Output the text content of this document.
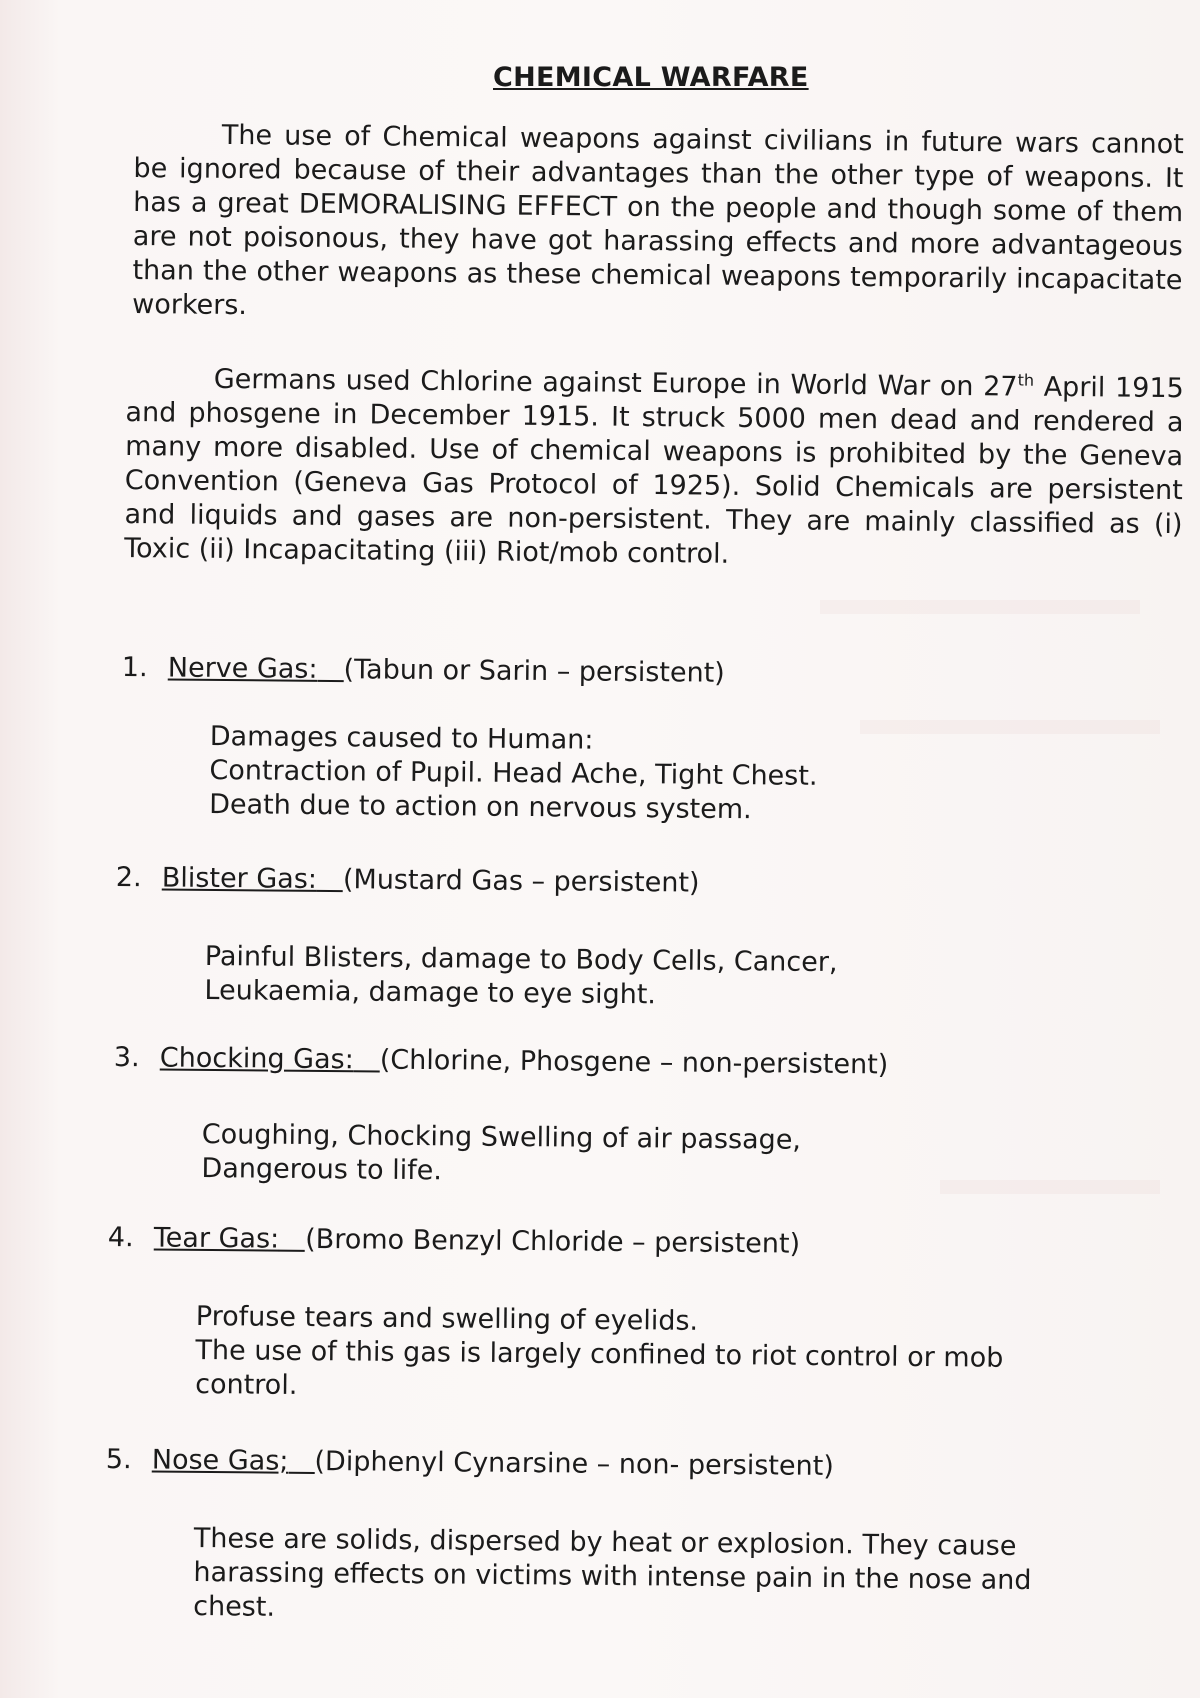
CHEMICAL WARFARE

The use of Chemical weapons against civilians in future wars cannot be ignored because of their advantages than the other type of weapons. It has a great DEMORALISING EFFECT on the people and though some of them are not poisonous, they have got harassing effects and more advantageous than the other weapons as these chemical weapons temporarily incapacitate workers.

Germans used Chlorine against Europe in World War on 27th April 1915 and phosgene in December 1915. It struck 5000 men dead and rendered a many more disabled. Use of chemical weapons is prohibited by the Geneva Convention (Geneva Gas Protocol of 1925). Solid Chemicals are persistent and liquids and gases are non-persistent. They are mainly classified as (i) Toxic (ii) Incapacitating (iii) Riot/mob control.

1. Nerve Gas: (Tabun or Sarin – persistent)
Damages caused to Human:
Contraction of Pupil. Head Ache, Tight Chest.
Death due to action on nervous system.
2. Blister Gas: (Mustard Gas – persistent)
Painful Blisters, damage to Body Cells, Cancer,
Leukaemia, damage to eye sight.
3. Chocking Gas: (Chlorine, Phosgene – non-persistent)
Coughing, Chocking Swelling of air passage,
Dangerous to life.
4. Tear Gas: (Bromo Benzyl Chloride – persistent)
Profuse tears and swelling of eyelids.
The use of this gas is largely confined to riot control or mob
control.
5. Nose Gas; (Diphenyl Cynarsine – non- persistent)
These are solids, dispersed by heat or explosion. They cause
harassing effects on victims with intense pain in the nose and
chest.
